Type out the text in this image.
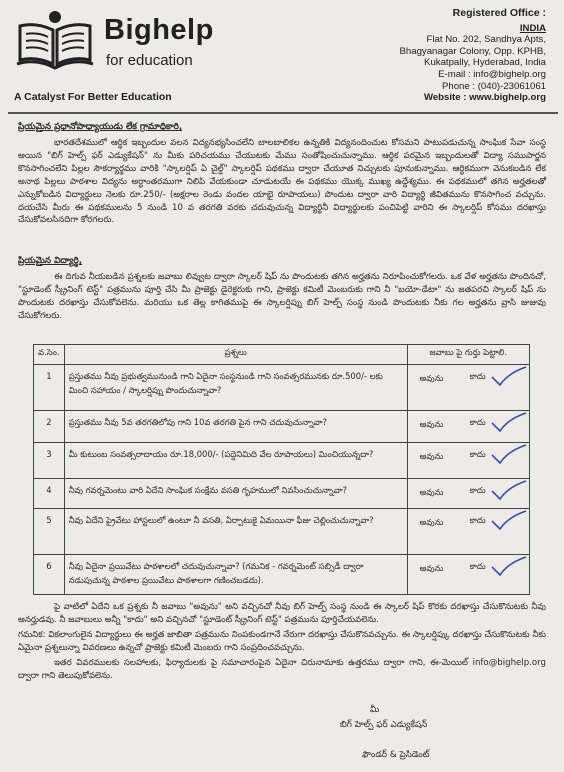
Bighelp
for education
A Catalyst For Better Education
Registered Office :
INDIA
Flat No. 202, Sandhya Apts,
Bhagyanagar Colony, Opp. KPHB,
Kukatpally, Hyderabad, India
E-mail : info@bighelp.org
Phone : (040)-23061061
Website : www.bighelp.org
ప్రియమైన ప్రధానోపాధ్యాయుడు లేక గ్రామాధికారి,
భారతదేశములో ఆర్ధిక ఇబ్బందుల వలన విద్యనభ్యసించలేని బాలబాలికల ఉన్నతికి విద్యనందించుట కోసమని పాటుపడుచున్న సాంఘిక సేవా సంస్థ అయిన "బిగ్ హెల్ప్ ఫర్ ఎడ్యుకేషన్" ను మీకు పరిచయము చేయుటకు మేము సంతోషించుచున్నాము. ఆర్ధిక పరమైన ఇబ్బందులతో విద్యా సముపార్జన కొనసాగించలేని పిల్లల సౌకర్యార్థము వారికి "స్కాలర్షిప్ ఏ చైల్డ్" స్కాలర్షిప్ పథకము ద్వారా చేయూత నిచ్చుటకు పూనుకున్నాము. ఆర్ధికముగా వెనుకబడిన లేక అనాథ పిల్లలు పాఠశాల విద్యను అర్ధాంతరముగా నిలిపి వేయకుండా చూడుటయే ఈ పథకము యొక్క ముఖ్య ఉద్దేశ్యము. ఈ పథకములో తగిన అర్హతలతో ఎన్నుకోబడిన విద్యార్థులు నెలకు రూ.250/- (అక్షరాల రెండు వందల యాభై రూపాయలు) పొందుట ద్వారా వారి విద్యార్థి జీవితమును కొనసాగించ వచ్చును. దయచేసి మీరు ఈ పథకములను 5 నుండి 10 వ తరగతి వరకు చదువుచున్న విద్యార్థినీ విద్యార్థులకు పంచిపెట్టి వారిని ఈ స్కాలర్షిప్ కోసము దరఖాస్తు చేసుకోవలసినదిగా కోరగలరు.
ప్రియమైన విద్యార్థి,
ఈ దిగువ నీయబడిన ప్రశ్నలకు జవాబు లివ్వుట ద్వారా స్కాలర్ షిప్ ను పొందుటకు తగిన అర్హతను నిరూపించుకోగలరు. ఒక వేళ అర్హతను పొందినచో, "స్టూడెంట్ స్క్రీనింగ్ టెస్ట్" పత్రమును పూర్తి చేసి మీ ప్రాజెక్టు డైరెక్టరుకు గాని, ప్రాజెక్టు కమిటీ మెంబరుకు గాని నీ "బయో-డేటా" ను జతపరచి స్కాలర్ షిప్ ను పొందుటకు దరఖాస్తు చేసుకోవలెను. మరియు ఒక తెల్ల కాగితముపై ఈ స్కాలర్షిప్ను బిగ్ హెల్ప్ సంస్థ నుండి పొందుటకు నీకు గల అర్హతను వ్రాసి జుజువు చేసుకోగలరు.
వ.సెం.	ప్రశ్నలు	జవాబు పై గుర్తు పెట్టాలి.
1	ప్రస్తుతము నీవు ప్రభుత్వమునుండి గాని ఏదైనా సంస్థనుండి గాని సంవత్సరమునకు రూ.500/- లకు మించి సహాయం / స్కాలర్షిప్ను పొందుచున్నావా?	అవును కాదు

2	ప్రస్తుతము నీవు 5వ తరగతిలోపు గాని 10వ తరగతి పైన గాని చదువుచున్నావా?	అవును కాదు

3	మీ కుటుంబ సంవత్సరాదాయం రూ.18,000/- (పద్దెనిమిది వేల రూపాయలు) మించియున్నదా?	అవును కాదు

4	నీవు గవర్నమెంటు వారి ఏదేని సాంఘిక సంక్షేమ వసతి గృహములో నివసించుచున్నావా?	అవును కాదు

5	నీవు ఏదేని ప్రైవేటు హాస్టలులో ఉంటూ నీ వసతి, ఏర్పాటుకై ఏమయినా ఫీజు చెల్లించుచున్నావా?	అవును కాదు

6	నీవు ఏదైనా ప్రయివేటు పాఠశాలలో చదువుచున్నావా? (గమనిక - గవర్నమెంట్ సబ్సిడీ ద్వారా నడుపుచున్న పాఠశాల ప్రయివేటు పాఠశాలగా గణించబడదు).	అవును కాదు
పై వాటిలో ఏదేని ఒక ప్రశ్నకు నీ జవాబు "అవును" అని వచ్చినచో నీవు బిగ్ హెల్ప్ సంస్థ నుండి ఈ స్కాలర్ షిప్ కొరకు దరఖాస్తు చేసుకొనుటకు నీవు అనర్హుడవు. నీ జవాబులు అన్నీ "కాదు" అని వచ్చినచో "స్టూడెంట్ స్క్రీనింగ్ టెస్ట్" పత్రమును పూర్తిచేయవలెను.
గమనిక: వికలాంగులైన విద్యార్థులు ఈ అర్హత జాబితా పత్రమును నింపకుండగానే నేరుగా దరఖాస్తు చేసుకొనవచ్చును. ఈ స్కాలర్షిప్కు దరఖాస్తు చేసుకొనుటకు నీకు ఏమైనా ప్రశ్నలున్నా వివరణలు ఉన్నచో ప్రాజెక్టు కమిటీ మెంబరు గాని సంప్రదించవచ్చును.
ఇతర వివరములకు సలహాలకు, ఫిర్యాదులకు పై సమాచారంపైన ఏదైనా చిరునామాకు ఉత్తరము ద్వారా గాని, ఈ-మెయిల్ info@bighelp.org ద్వారా గాని తెలుపుకోవలెను.
మీ
బిగ్ హెల్ప్ ఫర్ ఎడ్యుకేషన్
ఫౌండర్ & ప్రెసిడెంట్
